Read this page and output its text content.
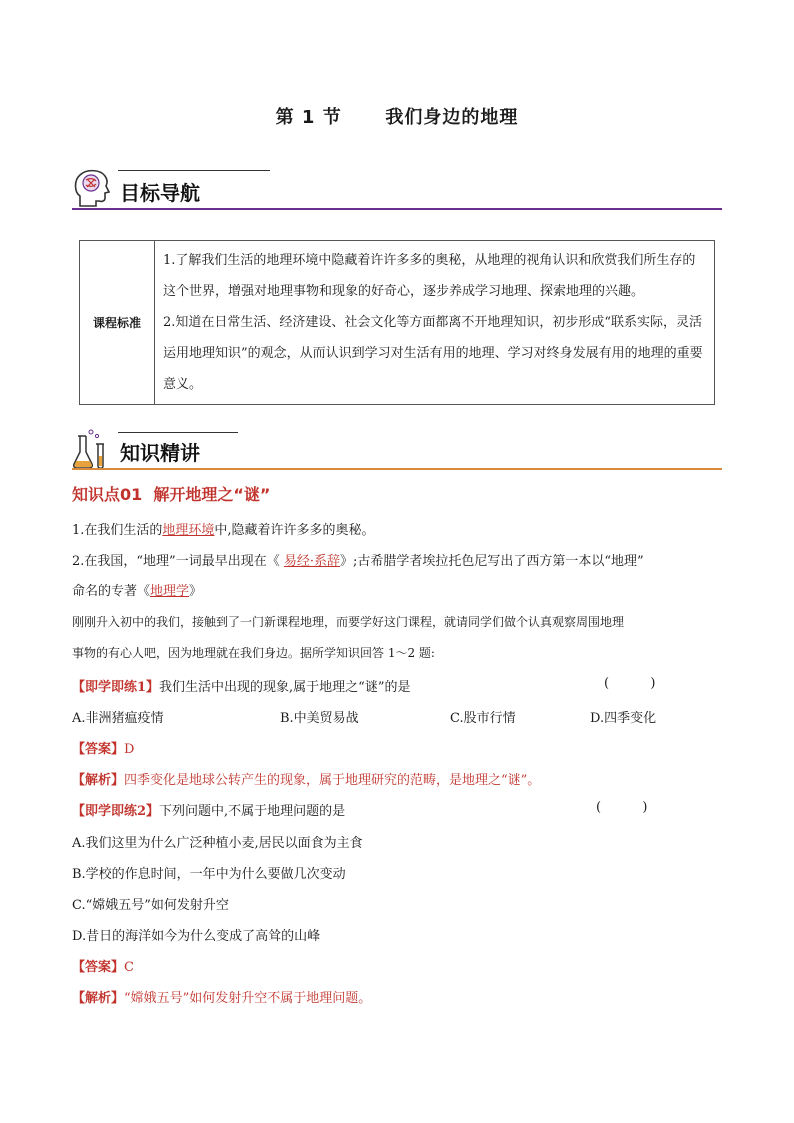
第 1 节      我们身边的地理
目标导航
课程标准	

1.了解我们生活的地理环境中隐藏着许许多多的奥秘，从地理的视角认识和欣赏我们所生存的这个世界，增强对地理事物和现象的好奇心，逐步养成学习地理、探索地理的兴趣。

2.知道在日常生活、经济建设、社会文化等方面都离不开地理知识，初步形成“联系实际，灵活运用地理知识”的观念，从而认识到学习对生活有用的地理、学习对终身发展有用的地理的重要意义。

知识精讲
知识点01  解开地理之“谜”
1.在我们生活的地理环境中,隐藏着许许多多的奥秘。
2.在我国，“地理”一词最早出现在《 易经·系辞》;古希腊学者埃拉托色尼写出了西方第一本以“地理”
命名的专著《地理学》
刚刚升入初中的我们，接触到了一门新课程地理，而要学好这门课程，就请同学们做个认真观察周围地理
事物的有心人吧，因为地理就在我们身边。据所学知识回答 1～2 题:
【即学即练1】我们生活中出现的现象,属于地理之“谜”的是	(          )
A.非洲猪瘟疫情	B.中美贸易战	C.股市行情	D.四季变化
【答案】D
【解析】四季变化是地球公转产生的现象，属于地理研究的范畴，是地理之“谜”。
【即学即练2】下列问题中,不属于地理问题的是	(          )
A.我们这里为什么广泛种植小麦,居民以面食为主食
B.学校的作息时间，一年中为什么要做几次变动
C.“嫦娥五号”如何发射升空
D.昔日的海洋如今为什么变成了高耸的山峰
【答案】C
【解析】“嫦娥五号”如何发射升空不属于地理问题。
